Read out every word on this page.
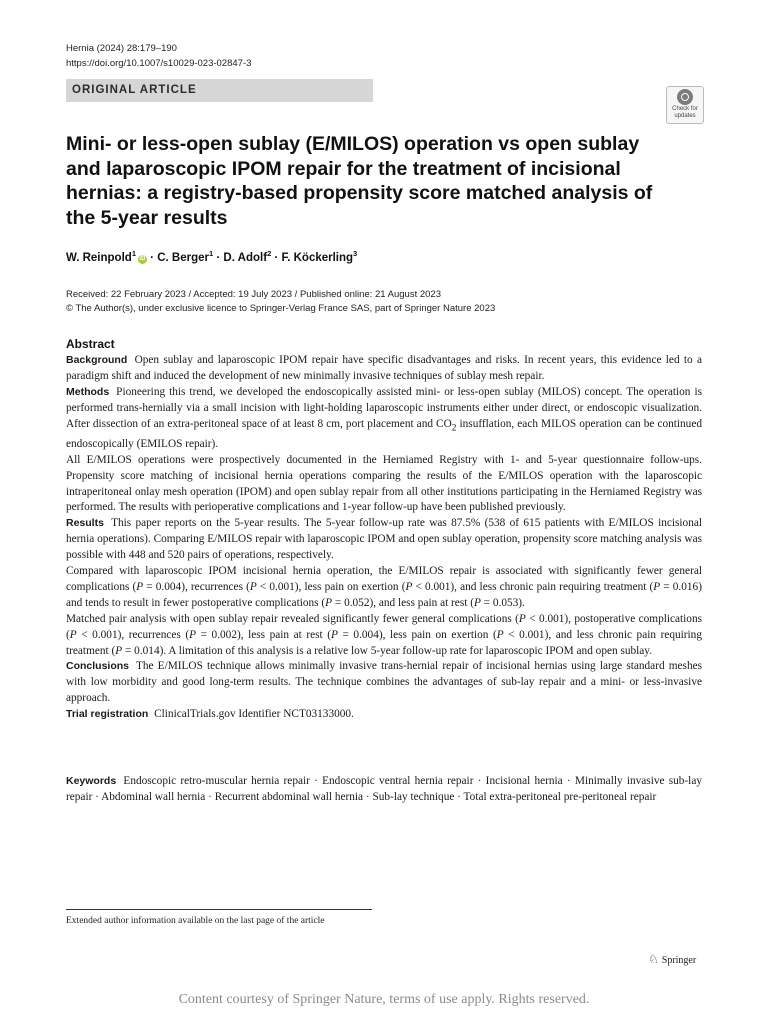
Hernia (2024) 28:179–190
https://doi.org/10.1007/s10029-023-02847-3
ORIGINAL ARTICLE
Check for
updates
Mini- or less-open sublay (E/MILOS) operation vs open sublay and laparoscopic IPOM repair for the treatment of incisional hernias: a registry-based propensity score matched analysis of the 5-year results
W. Reinpold$^1$iD · C. Berger$^1$ · D. Adolf$^2$ · F. Köckerling$^3$
Received: 22 February 2023 / Accepted: 19 July 2023 / Published online: 21 August 2023
© The Author(s), under exclusive licence to Springer-Verlag France SAS, part of Springer Nature 2023
Abstract

Background Open sublay and laparoscopic IPOM repair have specific disadvantages and risks. In recent years, this evidence led to a paradigm shift and induced the development of new minimally invasive techniques of sublay mesh repair.

Methods Pioneering this trend, we developed the endoscopically assisted mini- or less-open sublay (MILOS) concept. The operation is performed trans-hernially via a small incision with light-holding laparoscopic instruments either under direct, or endoscopic visualization. After dissection of an extra-peritoneal space of at least 8 cm, port placement and $CO_2$ insufflation, each MILOS operation can be continued endoscopically (EMILOS repair).

All E/MILOS operations were prospectively documented in the Herniamed Registry with 1- and 5-year questionnaire follow-ups. Propensity score matching of incisional hernia operations comparing the results of the E/MILOS operation with the laparoscopic intraperitoneal onlay mesh operation (IPOM) and open sublay repair from all other institutions participating in the Herniamed Registry was performed. The results with perioperative complications and 1-year follow-up have been published previously.

Results This paper reports on the 5-year results. The 5-year follow-up rate was 87.5% (538 of 615 patients with E/MILOS incisional hernia operations). Comparing E/MILOS repair with laparoscopic IPOM and open sublay operation, propensity score matching analysis was possible with 448 and 520 pairs of operations, respectively.

Compared with laparoscopic IPOM incisional hernia operation, the E/MILOS repair is associated with significantly fewer general complications (P = 0.004), recurrences (P < 0.001), less pain on exertion (P < 0.001), and less chronic pain requiring treatment (P = 0.016) and tends to result in fewer postoperative complications (P = 0.052), and less pain at rest (P = 0.053).

Matched pair analysis with open sublay repair revealed significantly fewer general complications (P < 0.001), postoperative complications (P < 0.001), recurrences (P = 0.002), less pain at rest (P = 0.004), less pain on exertion (P < 0.001), and less chronic pain requiring treatment (P = 0.014). A limitation of this analysis is a relative low 5-year follow-up rate for laparoscopic IPOM and open sublay.

Conclusions The E/MILOS technique allows minimally invasive trans-hernial repair of incisional hernias using large standard meshes with low morbidity and good long-term results. The technique combines the advantages of sub-lay repair and a mini- or less-invasive approach.

Trial registration ClinicalTrials.gov Identifier NCT03133000.

Keywords Endoscopic retro-muscular hernia repair · Endoscopic ventral hernia repair · Incisional hernia · Minimally invasive sub-lay repair · Abdominal wall hernia · Recurrent abdominal wall hernia · Sub-lay technique · Total extra-peritoneal pre-peritoneal repair
Extended author information available on the last page of the article
♘ Springer
Content courtesy of Springer Nature, terms of use apply. Rights reserved.
